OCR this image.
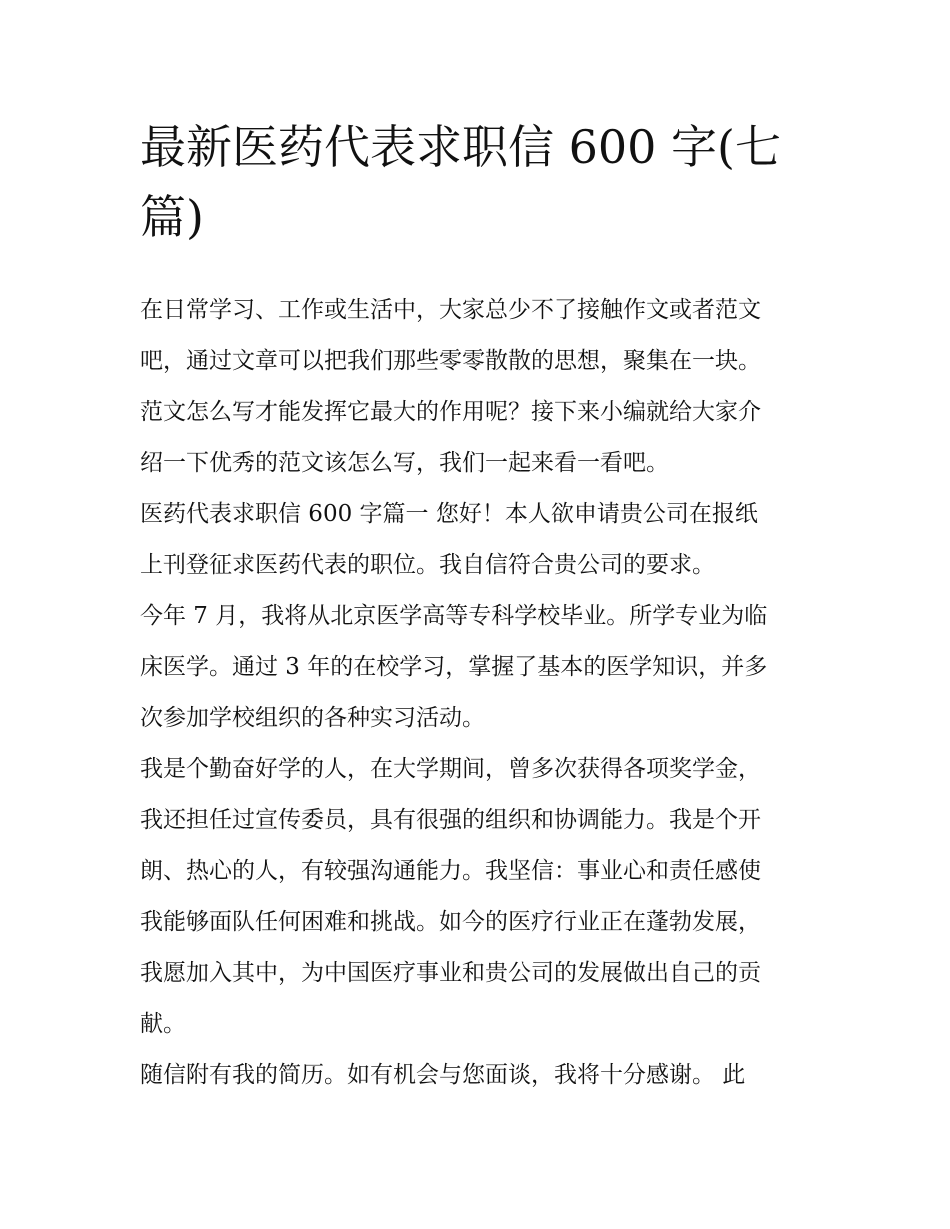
最新医药代表求职信 600 字(七
篇)

在日常学习、工作或生活中，大家总少不了接触作文或者范文
吧，通过文章可以把我们那些零零散散的思想，聚集在一块。
范文怎么写才能发挥它最大的作用呢？接下来小编就给大家介
绍一下优秀的范文该怎么写，我们一起来看一看吧。

医药代表求职信 600 字篇一 您好！本人欲申请贵公司在报纸
上刊登征求医药代表的职位。我自信符合贵公司的要求。

今年 7 月，我将从北京医学高等专科学校毕业。所学专业为临
床医学。通过 3 年的在校学习，掌握了基本的医学知识，并多
次参加学校组织的各种实习活动。

我是个勤奋好学的人，在大学期间，曾多次获得各项奖学金，
我还担任过宣传委员，具有很强的组织和协调能力。我是个开
朗、热心的人，有较强沟通能力。我坚信：事业心和责任感使
我能够面队任何困难和挑战。如今的医疗行业正在蓬勃发展，
我愿加入其中，为中国医疗事业和贵公司的发展做出自己的贡
献。

随信附有我的简历。如有机会与您面谈，我将十分感谢。 此
